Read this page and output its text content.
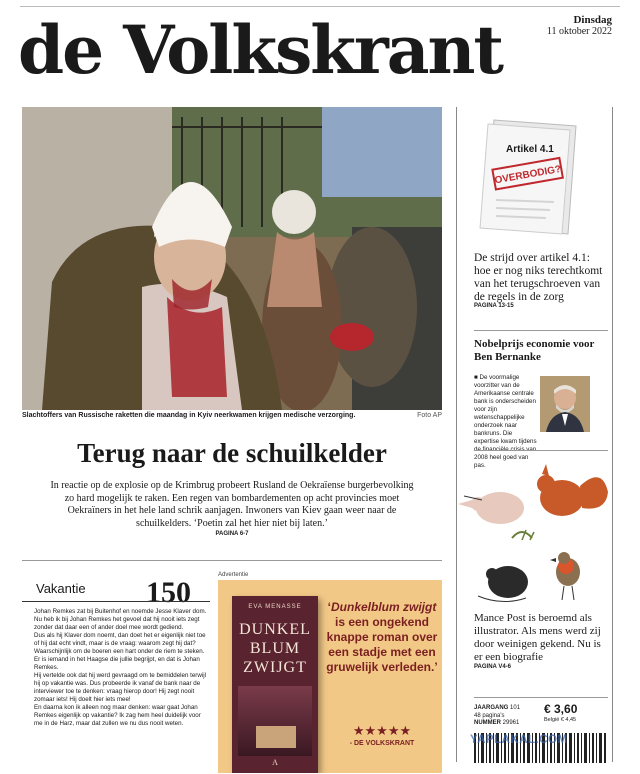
de Volkskrant	Dinsdag
11 oktober 2022
Slachtoffers van Russische raketten die maandag in Kyiv neerkwamen krijgen medische verzorging.	Foto AP
Terug naar de schuilkelder
In reactie op de explosie op de Krimbrug probeert Rusland de Oekraïense burgerbevolking zo hard mogelijk te raken. Een regen van bombardementen op acht provincies moet Oekraïners in het hele land schrik aanjagen. Inwoners van Kiev gaan weer naar de schuilkelders. ‘Poetin zal het hier niet bij laten.’
PAGINA 6-7
Vakantie 150

Johan Remkes zat bij Buitenhof en noemde Jesse Klaver dom.

Nu heb ik bij Johan Remkes het gevoel dat hij nooit iets zegt zonder dat daar een of ander doel mee wordt gediend.

Dus als hij Klaver dom noemt, dan doet het er eigenlijk niet toe of hij dat echt vindt, maar is de vraag: waarom zegt hij dat? Waarschijnlijk om de boeren een hart onder de riem te steken. Er is iemand in het Haagse die jullie begrijpt, en dat is Johan Remkes.

Hij vertelde ook dat hij werd gevraagd om te bemiddelen terwijl hij op vakantie was. Dus probeerde ik vanaf de bank naar de interviewer toe te denken: vraag hierop door! Hij zegt nooit zomaar iets! Hij doelt hier iets mee!

En daarna kon ik alleen nog maar denken: waar gaat Johan Remkes eigenlijk op vakantie? Ik zag hem heel duidelijk voor me in de Harz, maar dat zullen we nu dus nooit weten.

Advertentie
EVA MENASSE
DUNKEL BLUM ZWIJGT
A
‘Dunkelblum zwijgt is een ongekend knappe roman over een stadje met een gruwelijk verleden.’
★★★★★
- DE VOLKSKRANT
Artikel 4.1
OVERBODIG?
De strijd over artikel 4.1: hoe er nog niks terechtkomt van het terugschroeven van de regels in de zorg
PAGINA 13-15
Nobelprijs economie voor Ben Bernanke
■ De voormalige voorzitter van de Amerikaanse centrale bank is onderscheiden voor zijn wetenschappelijke onderzoek naar bankruns. Die expertise kwam tijdens 2008 heel goed van pas.
Mance Post is beroemd als illustrator. Als mens werd zij door weinigen gekend. Nu is er een biografie
PAGINA V4-6
JAARGANG 101
48 pagina's
NUMMER 29961
€ 3,60
België € 4,45
YAPLAKAL.COM
